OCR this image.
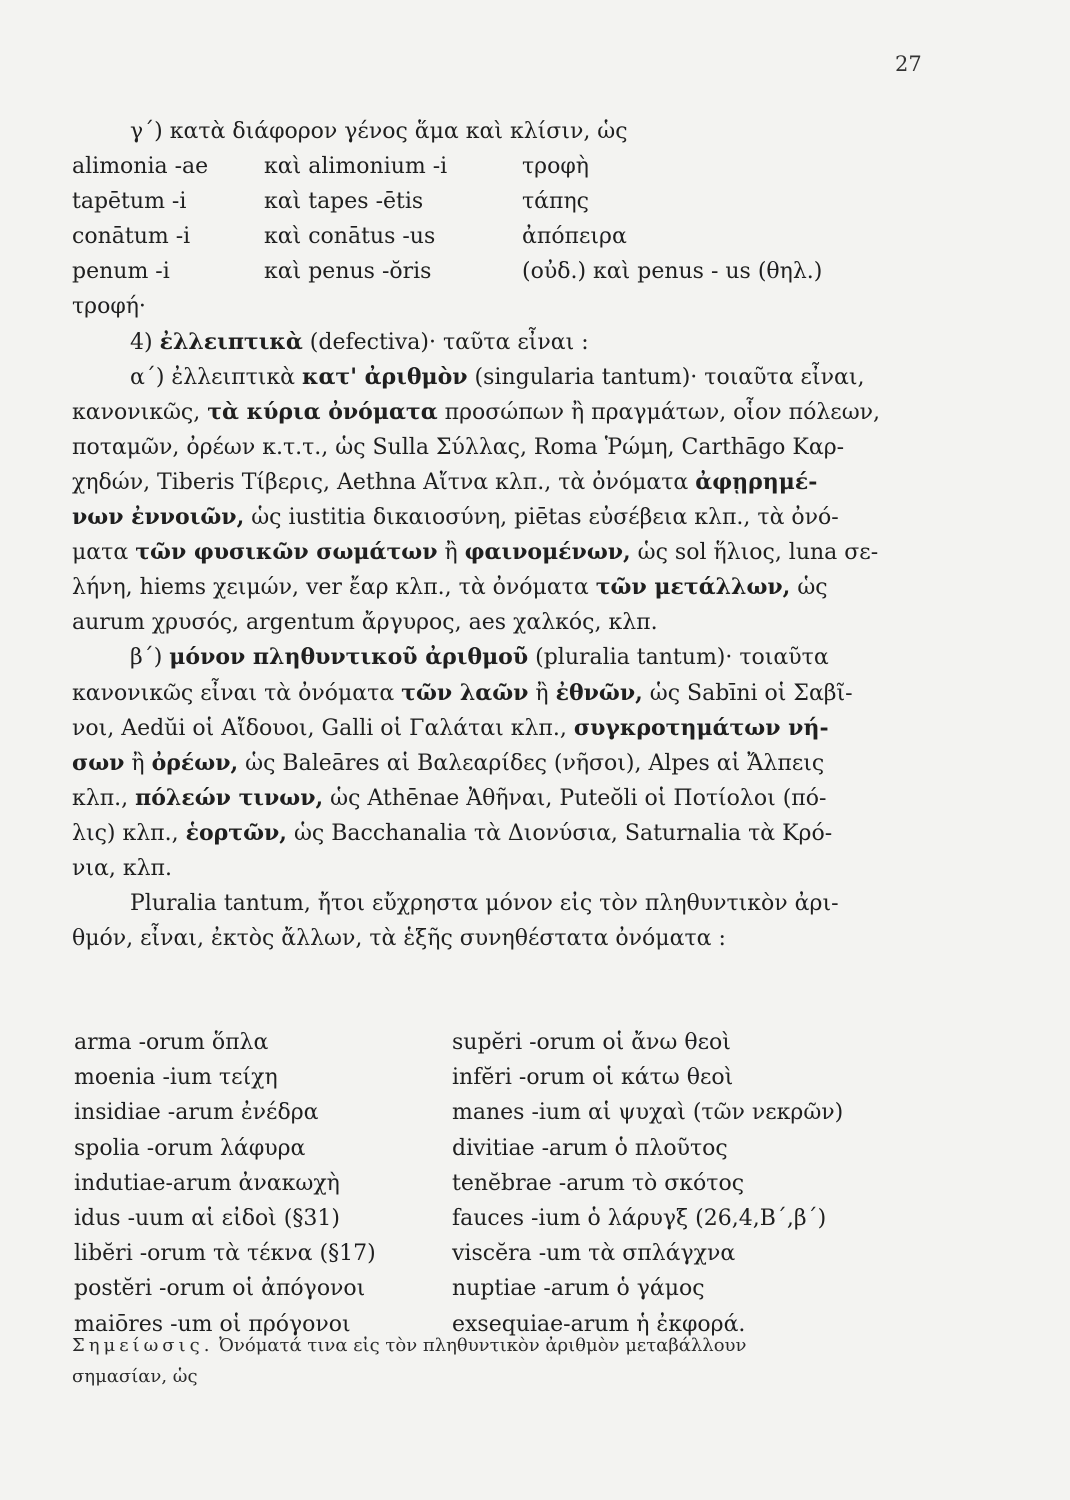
27
γ΄) κατὰ διάφορον γένος ἅμα καὶ κλίσιν, ὡς
alimonia -ae	καὶ alimonium -i	τροφὴ
tapētum -i	καὶ tapes -ētis	τάπης
conātum -i	καὶ conātus -us	ἀπόπειρα
penum -i	καὶ penus -ŏris	(οὐδ.) καὶ penus - us (θηλ.)
τροφή·
4) ἐλλειπτικὰ (defectiva)· ταῦτα εἶναι :
α΄) ἐλλειπτικὰ κατ' ἀριθμὸν (singularia tantum)· τοιαῦτα εἶναι,
κανονικῶς, τὰ κύρια ὀνόματα προσώπων ἢ πραγμάτων, οἷον πόλεων,
ποταμῶν, ὀρέων κ.τ.τ., ὡς Sulla Σύλλας, Roma Ῥώμη, Carthāgo Καρ-
χηδών, Tiberis Τίβερις, Aethna Αἴτνα κλπ., τὰ ὀνόματα ἀφῃρημέ-
νων ἐννοιῶν, ὡς iustitia δικαιοσύνη, piētas εὐσέβεια κλπ., τὰ ὀνό-
ματα τῶν φυσικῶν σωμάτων ἢ φαινομένων, ὡς sol ἥλιος, luna σε-
λήνη, hiems χειμών, ver ἔαρ κλπ., τὰ ὀνόματα τῶν μετάλλων, ὡς
aurum χρυσός, argentum ἄργυρος, aes χαλκός, κλπ.
β΄) μόνον πληθυντικοῦ ἀριθμοῦ (pluralia tantum)· τοιαῦτα
κανονικῶς εἶναι τὰ ὀνόματα τῶν λαῶν ἢ ἐθνῶν, ὡς Sabīni οἱ Σαβῖ-
νοι, Aedŭi οἱ Αἴδουοι, Galli οἱ Γαλάται κλπ., συγκροτημάτων νή-
σων ἢ ὀρέων, ὡς Baleāres αἱ Βαλεαρίδες (νῆσοι), Alpes αἱ Ἄλπεις
κλπ., πόλεών τινων, ὡς Athēnae Ἀθῆναι, Puteŏli οἱ Ποτίολοι (πό-
λις) κλπ., ἑορτῶν, ὡς Bacchanalia τὰ Διονύσια, Saturnalia τὰ Κρό-
νια, κλπ.
Pluralia tantum, ἤτοι εὔχρηστα μόνον εἰς τὸν πληθυντικὸν ἀρι-
θμόν, εἶναι, ἐκτὸς ἄλλων, τὰ ἑξῆς συνηθέστατα ὀνόματα :
arma -orum ὅπλα	supĕri -orum οἱ ἄνω θεοὶ
moenia -ium τείχη	infĕri -orum οἱ κάτω θεοὶ
insidiae -arum ἐνέδρα	manes -ium αἱ ψυχαὶ (τῶν νεκρῶν)
spolia -orum λάφυρα	divitiae -arum ὁ πλοῦτος
indutiae-arum ἀνακωχὴ	tenĕbrae -arum τὸ σκότος
idus -uum αἱ εἰδοὶ (§31)	fauces -ium ὁ λάρυγξ (26,4,B΄,β΄)
libĕri -orum τὰ τέκνα (§17)	viscĕra -um τὰ σπλάγχνα
postĕri -orum οἱ ἀπόγονοι	nuptiae -arum ὁ γάμος
maiōres -um οἱ πρόγονοι	exsequiae-arum ἡ ἐκφορά.
Σημείωσις. Ὀνόματά τινα εἰς τὸν πληθυντικὸν ἀριθμὸν μεταβάλλουν
σημασίαν, ὡς
